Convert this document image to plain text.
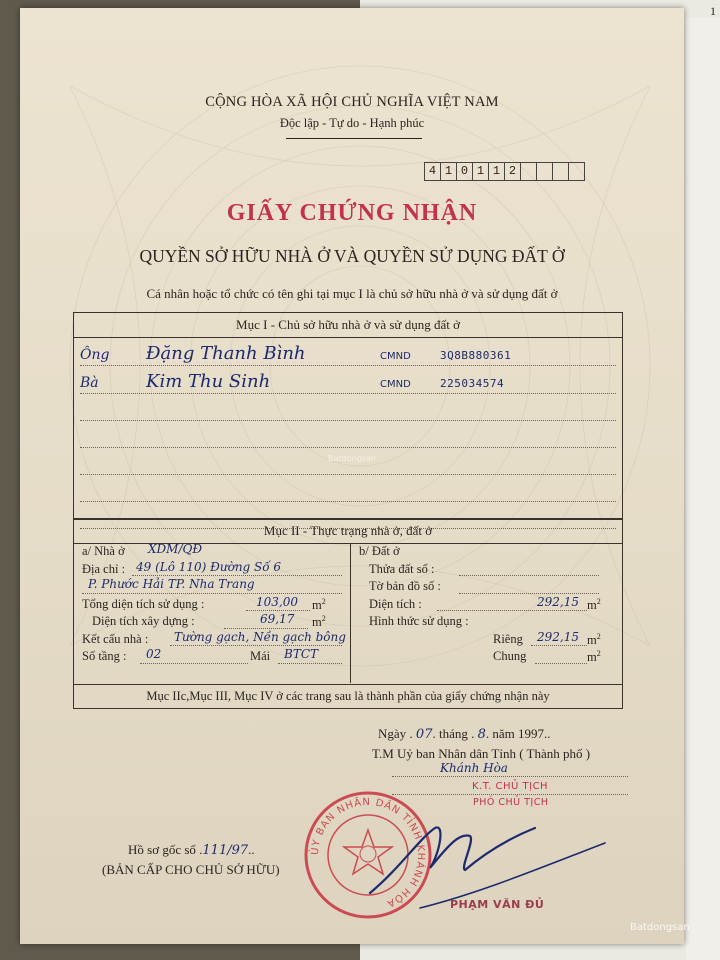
1
CỘNG HÒA XÃ HỘI CHỦ NGHĨA VIỆT NAM
Độc lập - Tự do - Hạnh phúc
4 1 0 1 1 2
GIẤY CHỨNG NHẬN
QUYỀN SỞ HỮU NHÀ Ở VÀ QUYỀN SỬ DỤNG ĐẤT Ở
Cá nhân hoặc tổ chức có tên ghi tại mục I là chủ sở hữu nhà ở và sử dụng đất ở
Mục I - Chủ sở hữu nhà ở và sử dụng đất ở
Ông Đặng Thanh Bình	CMND	3Q8B880361
Bà	Kim Thu Sinh	CMND	225034574
Mục II - Thực trạng nhà ở, đất ở
a/ Nhà ở XDM/QĐ
Địa chỉ : 49 (Lô 110) Đường Số 6
P. Phước Hải TP. Nha Trang
Tổng diện tích sử dụng :	103,00 $m^2$
Diện tích xây dựng :	69,17 $m^2$
Kết cấu nhà : Tường gạch, Nền gạch bông
Số tầng : 02	Mái BTCT
b/ Đất ở
Thửa đất số :
Tờ bản đồ số :
Diện tích :	292,15 $m^2$
Hình thức sử dụng :
Riêng 292,15 $m^2$
Chung	$m^2$
Mục IIc,Mục III, Mục IV ở các trang sau là thành phần của giấy chứng nhận này
Ngày . 07. tháng . 8. năm 1997..
T.M Uỷ ban Nhân dân Tỉnh ( Thành phố )
Khánh Hòa
K.T. CHỦ TỊCH
PHÓ CHỦ TỊCH
Hồ sơ gốc số .111/97..
(BẢN CẤP CHO CHỦ SỞ HỮU)
ỦY BAN NHÂN DÂN TỈNH KHÁNH HÒA	PHẠM VĂN ĐỦ
Batdongsan
Batdongsan
